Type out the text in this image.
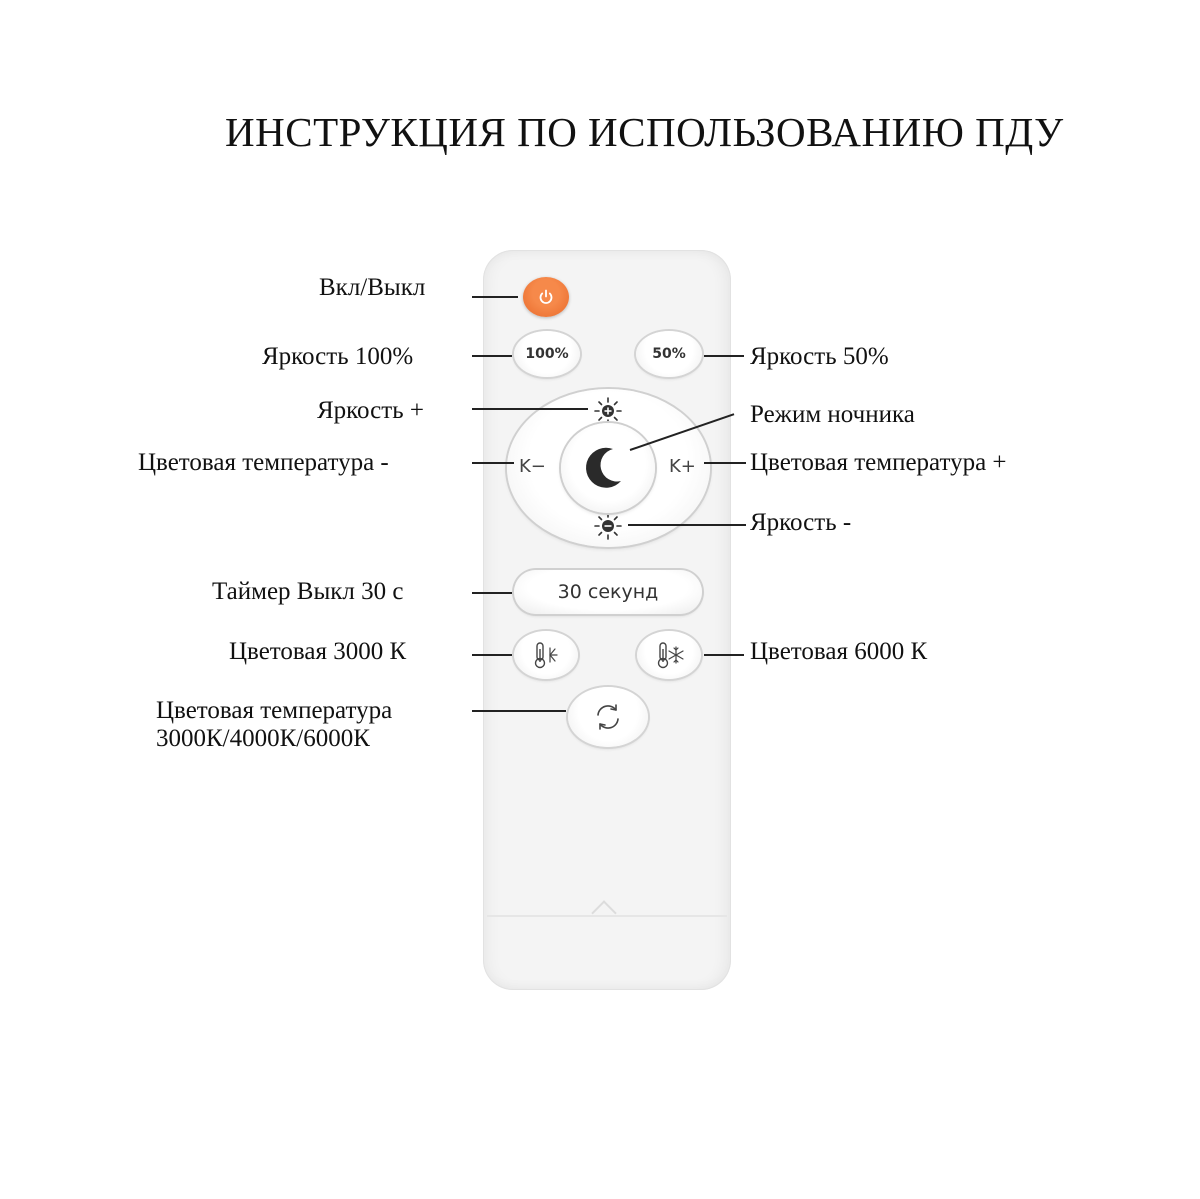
ИНСТРУКЦИЯ ПО ИСПОЛЬЗОВАНИЮ ПДУ
100%	50%
K−	K+
30 секунд
Вкл/Выкл
Яркость 100%
Яркость +
Цветовая температура -
Таймер Выкл 30 с
Цветовая 3000 К
Цветовая температура
3000К/4000К/6000К
Яркость 50%
Режим ночника
Цветовая температура +
Яркость -
Цветовая 6000 К
